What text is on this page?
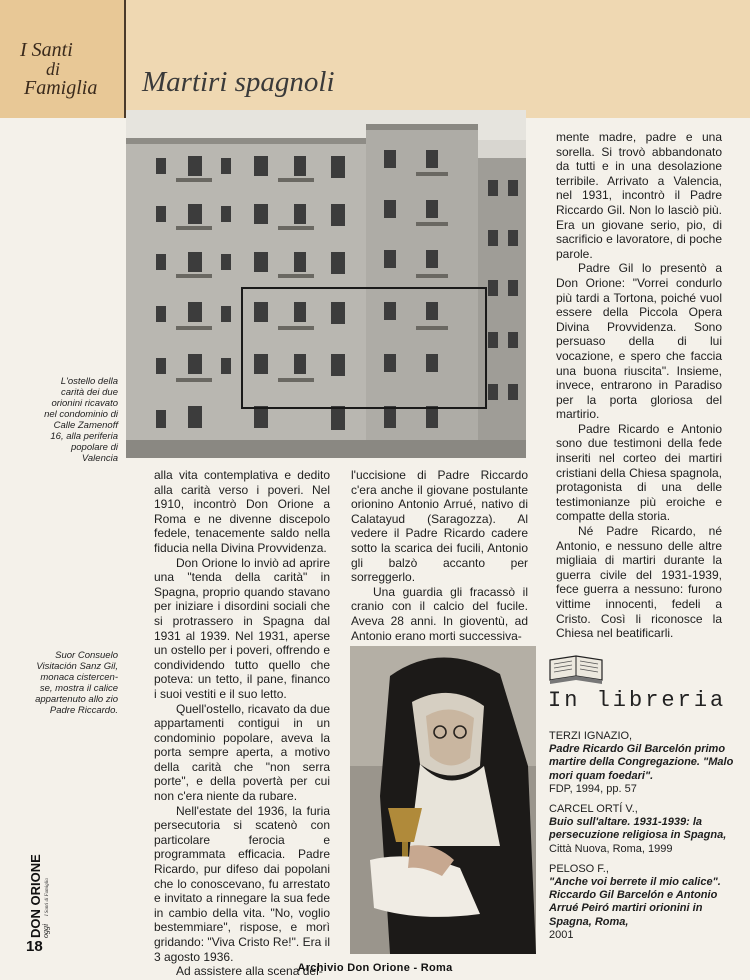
I Santi
di
Famiglia	Martiri spagnoli
L'ostello della
carità dei due
orionini ricavato
nel condominio di
Calle Zamenoff
16, alla periferia
popolare di
Valencia
Suor Consuelo
Visitación Sanz Gil,
monaca cistercen-
se, mostra il calice
appartenuto allo zio
Padre Riccardo.

alla vita contemplativa e dedito alla carità verso i poveri. Nel 1910, incontrò Don Orione a Roma e ne divenne discepolo fedele, tenacemente saldo nella fiducia nella Divina Provvidenza.

Don Orione lo inviò ad aprire una "tenda della carità" in Spagna, proprio quando stavano per iniziare i disordini sociali che si protrassero in Spagna dal 1931 al 1939. Nel 1931, aperse un ostello per i poveri, offrendo e condividendo tutto quello che poteva: un tetto, il pane, financo i suoi vestiti e il suo letto.

Quell'ostello, ricavato da due appartamenti contigui in un condominio popolare, aveva la porta sempre aperta, a motivo della carità che "non serra porte", e della povertà per cui non c'era niente da rubare.

Nell'estate del 1936, la furia persecutoria si scatenò con particolare ferocia e programmata efficacia. Padre Ricardo, pur difeso dai popolani che lo conoscevano, fu arrestato e invitato a rinnegare la sua fede in cambio della vita. "No, voglio bestemmiare", rispose, e morì gridando: "Viva Cristo Re!". Era il 3 agosto 1936.

Ad assistere alla scena del-

l'uccisione di Padre Riccardo c'era anche il giovane postulante orionino Antonio Arrué, nativo di Calatayud (Saragozza). Al vedere il Padre Ricardo cadere sotto la scarica dei fucili, Antonio gli balzò accanto per sorreggerlo.

Una guardia gli fracassò il cranio con il calcio del fucile. Aveva 28 anni. In gioventù, ad Antonio erano morti successiva-

mente madre, padre e una sorella. Si trovò abbandonato da tutti e in una desolazione terribile. Arrivato a Valencia, nel 1931, incontrò il Padre Riccardo Gil. Non lo lasciò più. Era un giovane serio, pio, di sacrificio e lavoratore, di poche parole.

Padre Gil lo presentò a Don Orione: "Vorrei condurlo più tardi a Tortona, poiché vuol essere della Piccola Opera Divina Provvidenza. Sono persuaso della di lui vocazione, e spero che faccia una buona riuscita". Insieme, invece, entrarono in Paradiso per la porta gloriosa del martirio.

Padre Ricardo e Antonio sono due testimoni della fede inseriti nel corteo dei martiri cristiani della Chiesa spagnola, protagonista di una delle testimonianze più eroiche e compatte della storia.

Né Padre Ricardo, né Antonio, e nessuno delle altre migliaia di martiri durante la guerra civile del 1931-1939, fece guerra a nessuno: furono vittime innocenti, fedeli a Cristo. Così li riconosce la Chiesa nel beatificarli.

In libreria
TERZI IGNAZIO,
Padre Ricardo Gil Barcelón primo martire della Congregazione. "Malo mori quam foedari".
FDP, 1994, pp. 57
CARCEL ORTÍ V.,
Buio sull'altare. 1931-1939: la persecuzione religiosa in Spagna,
Città Nuova, Roma, 1999
PELOSO F.,
"Anche voi berrete il mio calice". Riccardo Gil Barcelón e Antonio Arrué Peiró martiri orionini in Spagna, Roma,
2001
DON ORIONE
oggi
I Santi di Famiglia
18
Archivio Don Orione - Roma
